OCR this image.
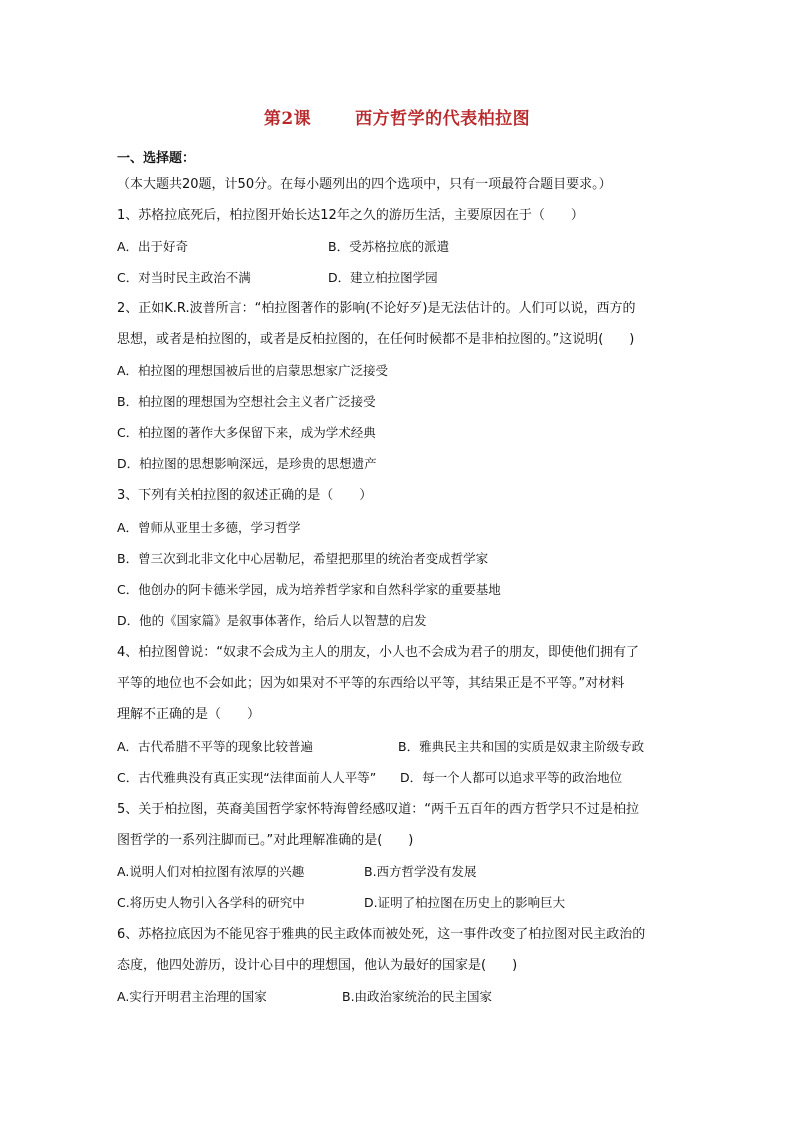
第2课	西方哲学的代表柏拉图
一、选择题：（本大题共20题，计50分。在每小题列出的四个选项中，只有一项最符合题目要求。）
1、苏格拉底死后，柏拉图开始长达12年之久的游历生活，主要原因在于（　　）
A．出于好奇	B．受苏格拉底的派遣
C．对当时民主政治不满	D．建立柏拉图学园
2、正如K.R.波普所言：“柏拉图著作的影响(不论好歹)是无法估计的。人们可以说，西方的
思想，或者是柏拉图的，或者是反柏拉图的，在任何时候都不是非柏拉图的。”这说明(　　)
A．柏拉图的理想国被后世的启蒙思想家广泛接受
B．柏拉图的理想国为空想社会主义者广泛接受
C．柏拉图的著作大多保留下来，成为学术经典
D．柏拉图的思想影响深远，是珍贵的思想遗产
3、下列有关柏拉图的叙述正确的是（　　）
A．曾师从亚里士多德，学习哲学
B．曾三次到北非文化中心居勒尼，希望把那里的统治者变成哲学家
C．他创办的阿卡德米学园，成为培养哲学家和自然科学家的重要基地
D．他的《国家篇》是叙事体著作，给后人以智慧的启发
4、柏拉图曾说：“奴隶不会成为主人的朋友，小人也不会成为君子的朋友，即使他们拥有了
平等的地位也不会如此；因为如果对不平等的东西给以平等，其结果正是不平等。”对材料
理解不正确的是（　　）
A．古代希腊不平等的现象比较普遍	B．雅典民主共和国的实质是奴隶主阶级专政
C．古代雅典没有真正实现“法律面前人人平等” D．每一个人都可以追求平等的政治地位
5、关于柏拉图，英裔美国哲学家怀特海曾经感叹道：“两千五百年的西方哲学只不过是柏拉
图哲学的一系列注脚而已。”对此理解准确的是(　　)
A.说明人们对柏拉图有浓厚的兴趣	B.西方哲学没有发展
C.将历史人物引入各学科的研究中	D.证明了柏拉图在历史上的影响巨大
6、苏格拉底因为不能见容于雅典的民主政体而被处死，这一事件改变了柏拉图对民主政治的
态度，他四处游历，设计心目中的理想国，他认为最好的国家是(　　)
A.实行开明君主治理的国家	B.由政治家统治的民主国家
